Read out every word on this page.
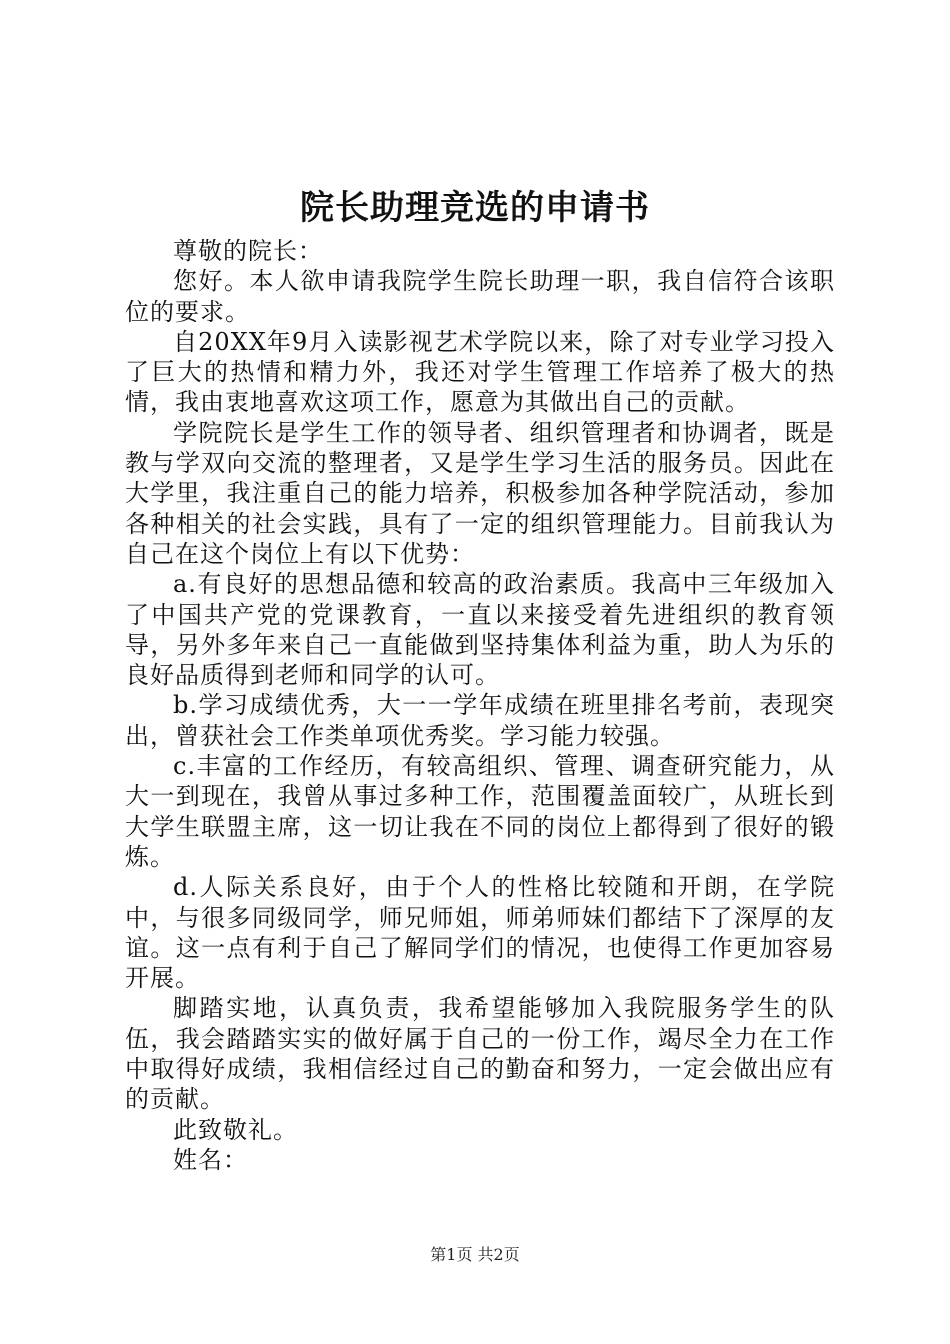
院长助理竞选的申请书

尊敬的院长：

您好。本人欲申请我院学生院长助理一职，我自信符合该职位的要求。

自20XX年9月入读影视艺术学院以来，除了对专业学习投入了巨大的热情和精力外，我还对学生管理工作培养了极大的热情，我由衷地喜欢这项工作，愿意为其做出自己的贡献。

学院院长是学生工作的领导者、组织管理者和协调者，既是教与学双向交流的整理者，又是学生学习生活的服务员。因此在大学里，我注重自己的能力培养，积极参加各种学院活动，参加各种相关的社会实践，具有了一定的组织管理能力。目前我认为自己在这个岗位上有以下优势：

a.有良好的思想品德和较高的政治素质。我高中三年级加入了中国共产党的党课教育，一直以来接受着先进组织的教育领导，另外多年来自己一直能做到坚持集体利益为重，助人为乐的良好品质得到老师和同学的认可。

b.学习成绩优秀，大一一学年成绩在班里排名考前，表现突出，曾获社会工作类单项优秀奖。学习能力较强。

c.丰富的工作经历，有较高组织、管理、调查研究能力，从大一到现在，我曾从事过多种工作，范围覆盖面较广，从班长到大学生联盟主席，这一切让我在不同的岗位上都得到了很好的锻炼。

d.人际关系良好，由于个人的性格比较随和开朗，在学院中，与很多同级同学，师兄师姐，师弟师妹们都结下了深厚的友谊。这一点有利于自己了解同学们的情况，也使得工作更加容易开展。

脚踏实地，认真负责，我希望能够加入我院服务学生的队伍，我会踏踏实实的做好属于自己的一份工作，竭尽全力在工作中取得好成绩，我相信经过自己的勤奋和努力，一定会做出应有的贡献。

此致敬礼。

姓名：

第1页 共2页
